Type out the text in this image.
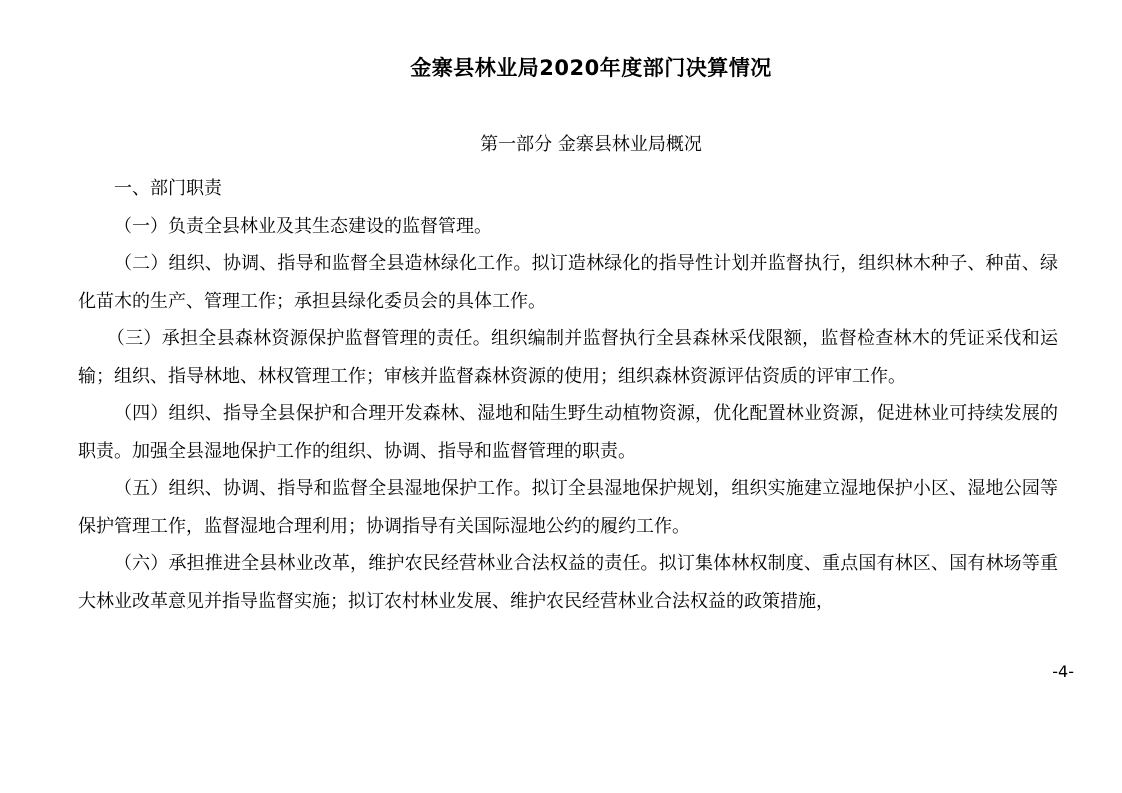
金寨县林业局2020年度部门决算情况
第一部分 金寨县林业局概况

一、部门职责

（一）负责全县林业及其生态建设的监督管理。

（二）组织、协调、指导和监督全县造林绿化工作。拟订造林绿化的指导性计划并监督执行，组织林木种子、种苗、绿化苗木的生产、管理工作；承担县绿化委员会的具体工作。

（三）承担全县森林资源保护监督管理的责任。组织编制并监督执行全县森林采伐限额，监督检查林木的凭证采伐和运输；组织、指导林地、林权管理工作；审核并监督森林资源的使用；组织森林资源评估资质的评审工作。

（四）组织、指导全县保护和合理开发森林、湿地和陆生野生动植物资源，优化配置林业资源，促进林业可持续发展的职责。加强全县湿地保护工作的组织、协调、指导和监督管理的职责。

（五）组织、协调、指导和监督全县湿地保护工作。拟订全县湿地保护规划，组织实施建立湿地保护小区、湿地公园等保护管理工作，监督湿地合理利用；协调指导有关国际湿地公约的履约工作。

（六）承担推进全县林业改革，维护农民经营林业合法权益的责任。拟订集体林权制度、重点国有林区、国有林场等重大林业改革意见并指导监督实施；拟订农村林业发展、维护农民经营林业合法权益的政策措施，

-4-
